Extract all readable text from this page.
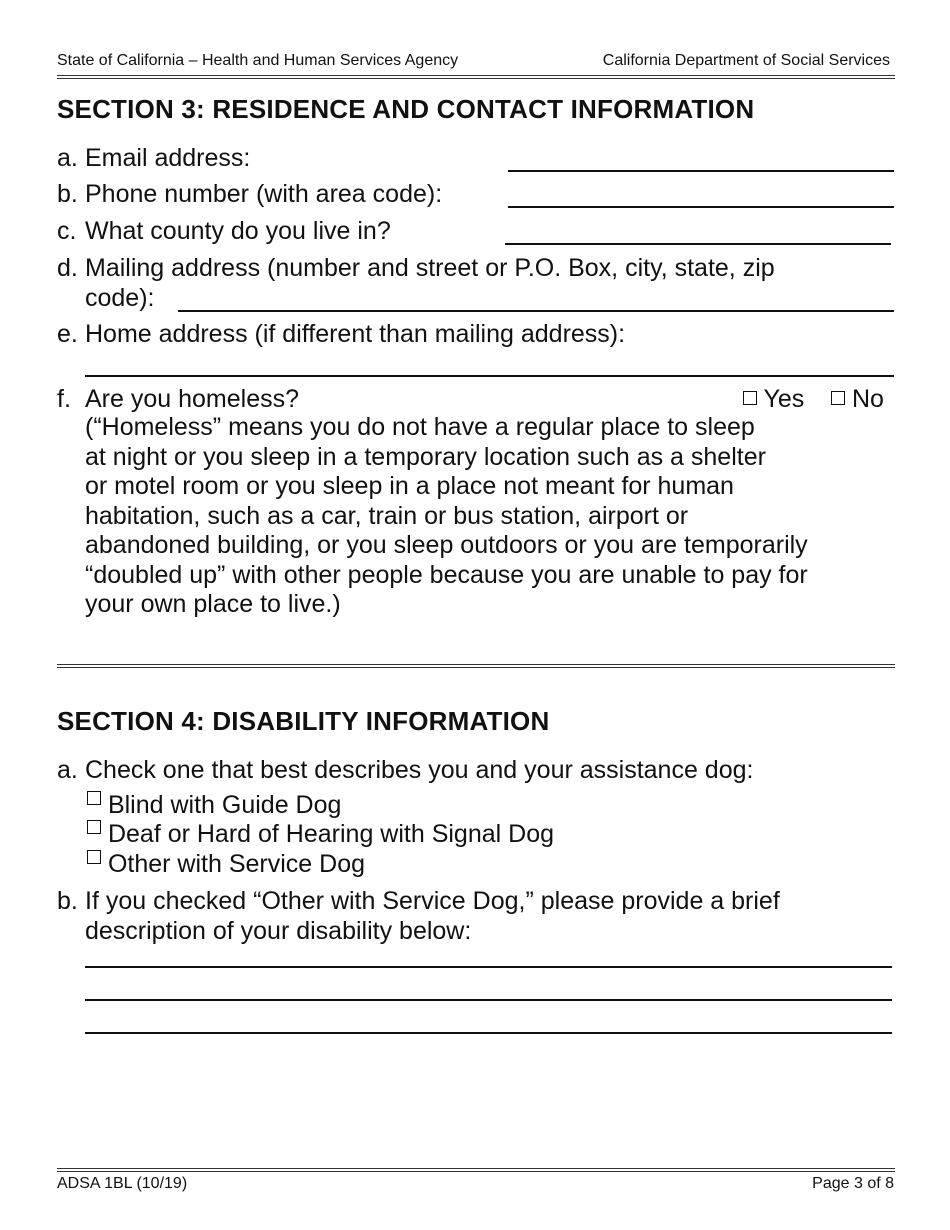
State of California – Health and Human Services Agency	California Department of Social Services
SECTION 3: RESIDENCE AND CONTACT INFORMATION
a. Email address:
b. Phone number (with area code):
c. What county do you live in?
d. Mailing address (number and street or P.O. Box, city, state, zip
code):
e. Home address (if different than mailing address):
f. Are you homeless?	Yes	No
(“Homeless” means you do not have a regular place to sleep
at night or you sleep in a temporary location such as a shelter
or motel room or you sleep in a place not meant for human
habitation, such as a car, train or bus station, airport or
abandoned building, or you sleep outdoors or you are temporarily
“doubled up” with other people because you are unable to pay for
your own place to live.)
SECTION 4: DISABILITY INFORMATION
a. Check one that best describes you and your assistance dog:
Blind with Guide Dog
Deaf or Hard of Hearing with Signal Dog
Other with Service Dog
b. If you checked “Other with Service Dog,” please provide a brief
description of your disability below:
ADSA 1BL (10/19)	Page 3 of 8
